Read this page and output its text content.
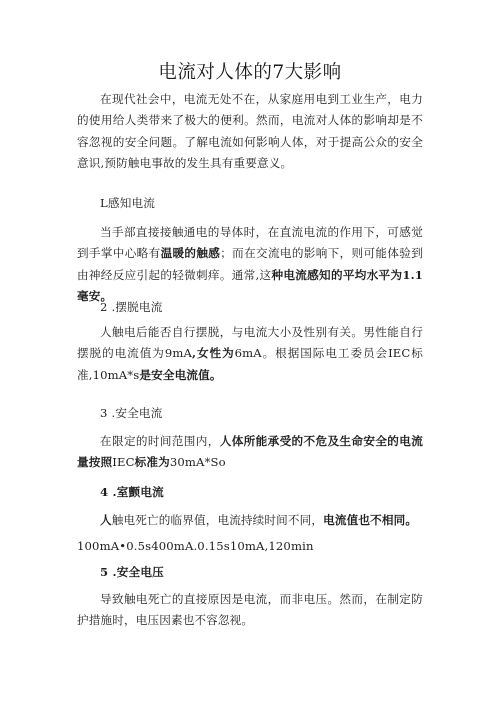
电流对人体的7大影响
在现代社会中，电流无处不在，从家庭用电到工业生产，电力的使用给人类带来了极大的便利。然而，电流对人体的影响却是不容忽视的安全问题。了解电流如何影响人体，对于提高公众的安全意识,预防触电事故的发生具有重要意义。
L感知电流
当手部直接接触通电的导体时，在直流电流的作用下，可感觉到手掌中心略有温暖的触感；而在交流电的影响下，则可能体验到由神经反应引起的轻微刺痒。通常,这种电流感知的平均水平为1.1毫安。
2 .摆脱电流
人触电后能否自行摆脱，与电流大小及性别有关。男性能自行摆脱的电流值为9mA,女性为6mA。根据国际电工委员会IEC标准,10mA*s是安全电流值。
3 .安全电流
在限定的时间范围内，人体所能承受的不危及生命安全的电流量按照IEC标准为30mA*So
4 .室颤电流
人触电死亡的临界值，电流持续时间不同，电流值也不相同。
100mA•0.5s400mA.0.15s10mA,120min
5 .安全电压
导致触电死亡的直接原因是电流，而非电压。然而，在制定防护措施时，电压因素也不容忽视。
